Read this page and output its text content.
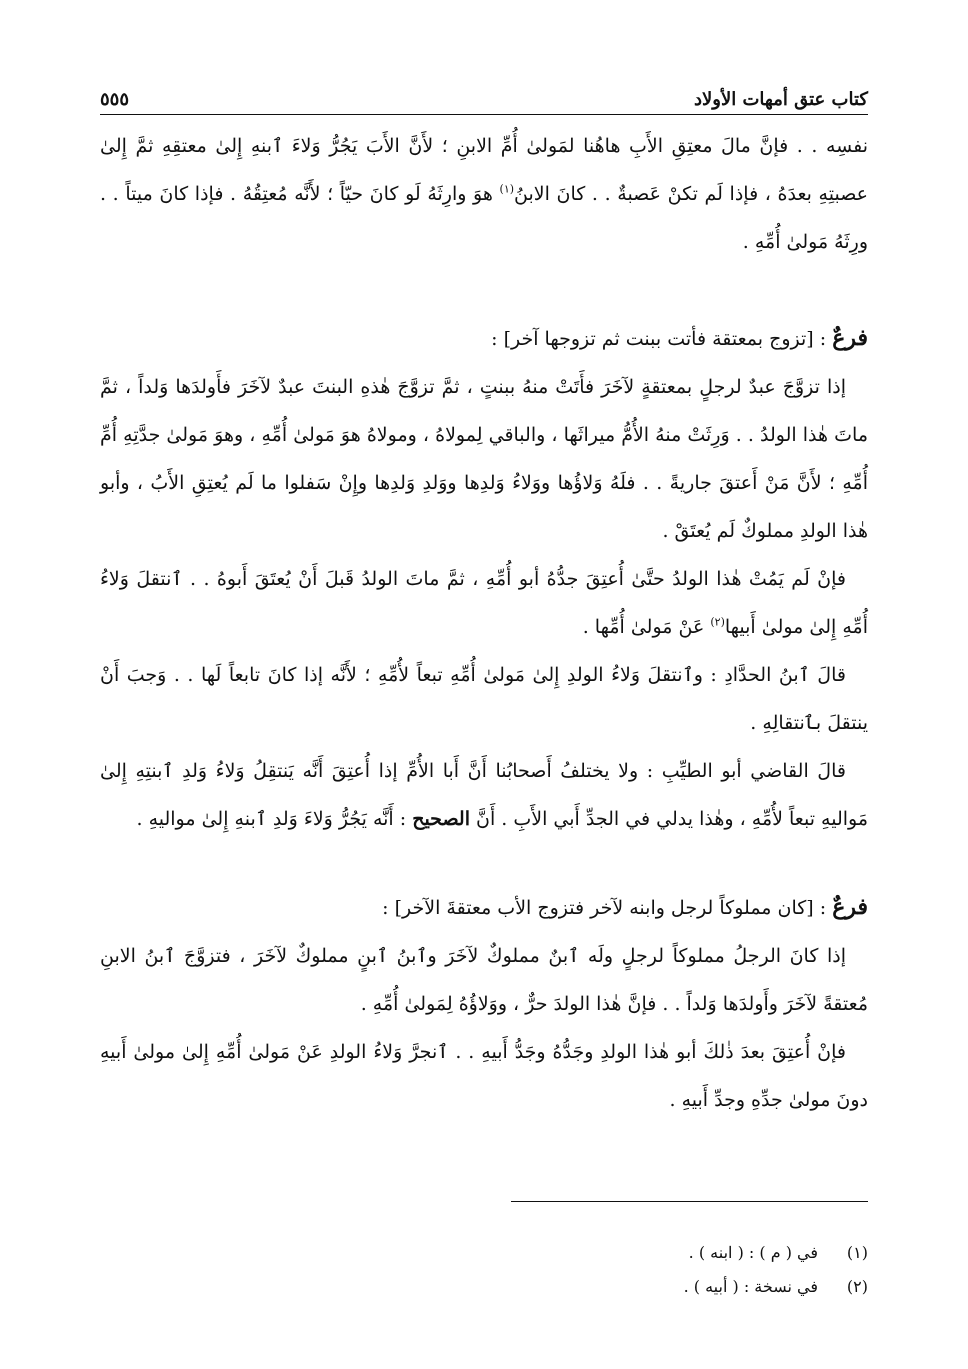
كتاب عتق أمهات الأولاد
٥٥٥

نفسِه . . فإنَّ مالَ معتِقِ الأَبِ هاهُنا لمَولىٰ أُمِّ الابنِ ؛ لأَنَّ الأَبَ يَجُرُّ وَلاءَ ٱبنهِ إِلىٰ معتقِهِ ثمَّ إِلىٰ عصبتِهِ بعدَهُ ، فإذا لَم تكنْ عَصبةٌ . . كانَ الابنُ$^{(١)}$ هوَ وارِثَهُ لَو كانَ حيّاً ؛ لأَنَّه مُعتِقُهُ . فإذا كانَ ميتاً . . ورِثَهُ مَولىٰ أُمِّهِ .

فرعٌ : [تزوج بمعتقة فأتت ببنت ثم تزوجها آخر] :

إذا تزوَّجَ عبدٌ لرجلٍ بمعتقةٍ لآخَرَ فأَتَتْ منهُ ببنتٍ ، ثمَّ تزوَّجَ هٰذهِ البنتَ عبدٌ لآخَرَ فأَولدَها وَلداً ، ثمَّ ماتَ هٰذا الولدُ . . وَرِثَتْ منهُ الأُمُّ ميراثَها ، والباقي لِمولاهُ ، ومولاهُ هوَ مَولىٰ أُمِّهِ ، وهوَ مَولىٰ جدَّتِهِ أُمِّ أُمِّهِ ؛ لأَنَّ مَنْ أَعتقَ جاريةً . . فلَهُ وَلاؤُها ووَلاءُ وَلدِها ووَلدِ وَلدِها وإِنْ سَفلوا ما لَم يُعتِقِ الأَبُ ، وأبو هٰذا الولدِ مملوكٌ لَم يُعتَقْ .

فإنْ لَم يَمُتْ هٰذا الولدُ حتَّىٰ أُعتِقَ جدُّهُ أبو أُمِّهِ ، ثمَّ ماتَ الولدُ قَبلَ أَنْ يُعتَقَ أَبوهُ . . ٱنتقلَ وَلاءُ أُمِّهِ إِلىٰ مولىٰ أَبيها$^{(٢)}$ عَنْ مَولىٰ أُمِّها .

قالَ ٱبنُ الحدَّادِ : وٱنتقلَ وَلاءُ الولدِ إِلىٰ مَولىٰ أُمِّهِ تبعاً لأُمِّهِ ؛ لأَنَّه إذا كانَ تابعاً لَها . . وَجبَ أَنْ ينتقلَ بٱنتقالِهِ .

قالَ القاضي أبو الطيِّبِ : ولا يختلفُ أَصحابُنا أَنَّ أَبا الأُمِّ إذا أُعتِقَ أَنَّه يَنتقِلُ وَلاءُ وَلدِ ٱبنتِهِ إِلىٰ مَواليهِ تبعاً لأُمِّهِ ، وهٰذا يدلي في الجدِّ أَبي الأَبِ . أَنَّ الصحيح : أَنَّه يَجُرُّ وَلاءَ وَلدِ ٱبنهِ إِلىٰ مواليهِ .

فرعٌ : [كان مملوكاً لرجل وابنه لآخر فتزوج الأب معتقةَ الآخر] :

إذا كانَ الرجلُ مملوكاً لرجلٍ ولَه ٱبنٌ مملوكٌ لآخَرَ وٱبنُ ٱبنٍ مملوكٌ لآخَرَ ، فتزوَّجَ ٱبنُ الابنِ مُعتقةً لآخَرَ وأَولدَها وَلداً . . فإنَّ هٰذا الولدَ حرٌّ ، ووَلاؤُهُ لِمَولىٰ أُمِّهِ .

فإنْ أُعتِقَ بعدَ ذٰلكَ أبو هٰذا الولدِ وجَدُّهُ وجَدُّ أَبيهِ . . ٱنجرَّ وَلاءُ الولدِ عَنْ مَولىٰ أُمِّهِ إِلىٰ مولىٰ أَبيهِ دونَ مولىٰ جدِّهِ وجدِّ أَبيهِ .

(١)في ( م ) : ( ابنه ) .
(٢)في نسخة : ( أبيه ) .
